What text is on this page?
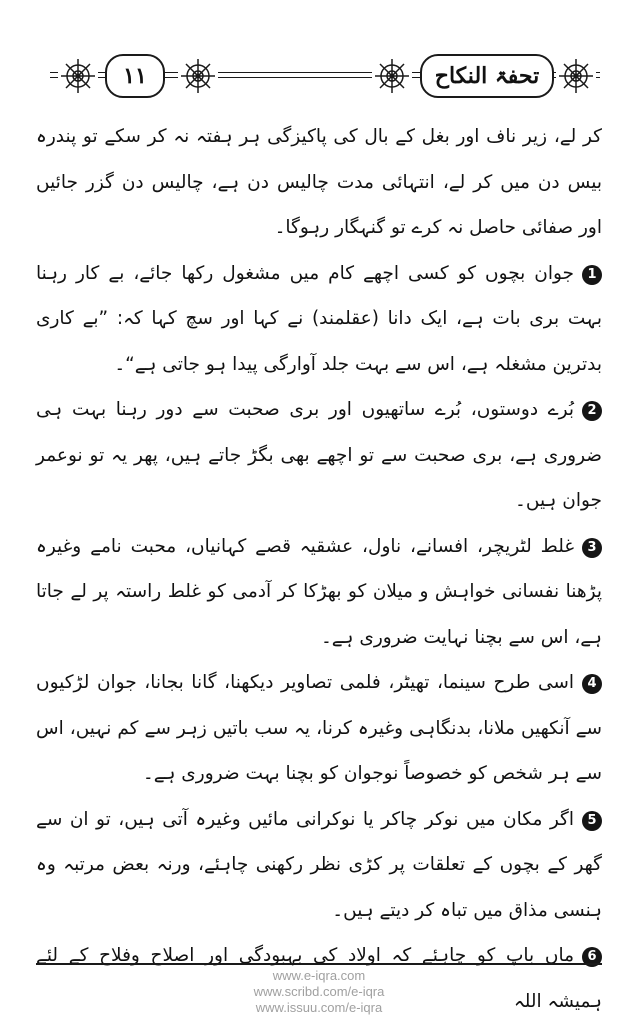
۱۱	تحفۃ النکاح

کر لے، زیر ناف اور بغل کے بال کی پاکیزگی ہر ہفتہ نہ کر سکے تو پندرہ بیس دن میں کر لے، انتہائی مدت چالیس دن ہے، چالیس دن گزر جائیں اور صفائی حاصل نہ کرے تو گنہگار رہوگا۔

1جوان بچوں کو کسی اچھے کام میں مشغول رکھا جائے، بے کار رہنا بہت بری بات ہے، ایک دانا (عقلمند) نے کہا اور سچ کہا کہ: ”بے کاری بدترین مشغلہ ہے، اس سے بہت جلد آوارگی پیدا ہو جاتی ہے“۔

2بُرے دوستوں، بُرے ساتھیوں اور بری صحبت سے دور رہنا بہت ہی ضروری ہے، بری صحبت سے تو اچھے بھی بگڑ جاتے ہیں، پھر یہ تو نوعمر جوان ہیں۔

3غلط لٹریچر، افسانے، ناول، عشقیہ قصے کہانیاں، محبت نامے وغیرہ پڑھنا نفسانی خواہش و میلان کو بھڑکا کر آدمی کو غلط راستہ پر لے جاتا ہے، اس سے بچنا نہایت ضروری ہے۔

4اسی طرح سینما، تھیٹر، فلمی تصاویر دیکھنا، گانا بجانا، جوان لڑکیوں سے آنکھیں ملانا، بدنگاہی وغیرہ کرنا، یہ سب باتیں زہر سے کم نہیں، اس سے ہر شخص کو خصوصاً نوجوان کو بچنا بہت ضروری ہے۔

5اگر مکان میں نوکر چاکر یا نوکرانی مائیں وغیرہ آتی ہیں، تو ان سے گھر کے بچوں کے تعلقات پر کڑی نظر رکھنی چاہئے، ورنہ بعض مرتبہ وہ ہنسی مذاق میں تباہ کر دیتے ہیں۔

6ماں باپ کو چاہئے کہ اولاد کی بہبودگی اور اصلاح وفلاح کے لئے ہمیشہ اللہ

www.e-iqra.com
www.scribd.com/e-iqra
www.issuu.com/e-iqra
